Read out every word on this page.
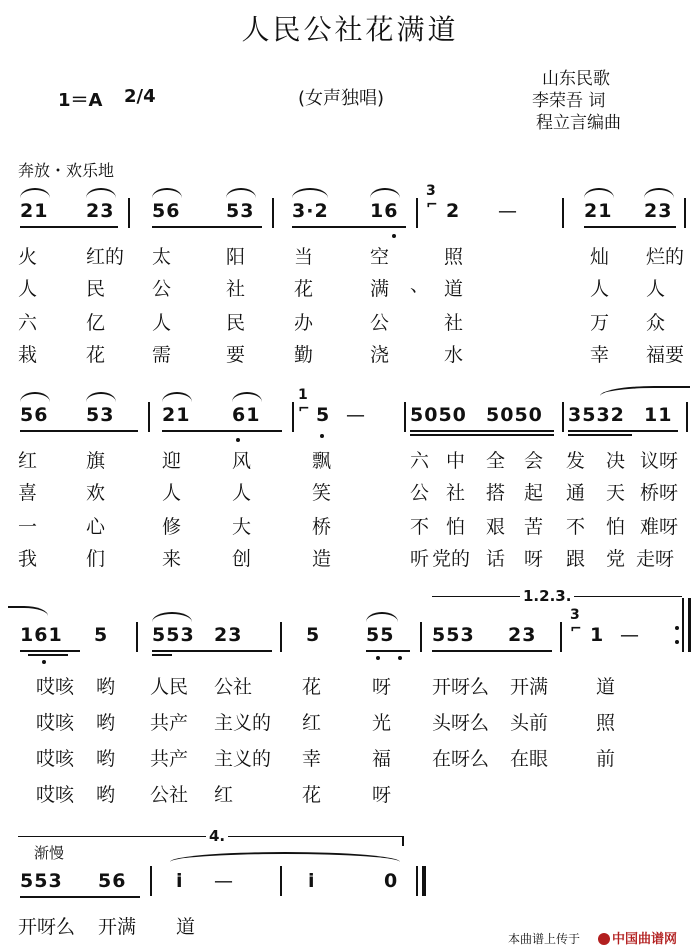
人民公社花满道
1＝A 2/4	(女声独唱)
山东民歌
李荣吾 词
程立言编曲
奔放・欢乐地
21 23 56 53 3·2 16
3
⌐ 2 —	21 23
火	红的 太	阳	当	空	照	灿 烂的
人	民 公	社	花	满 、 道	人 人
六	亿 人	民	办	公	社	万 众
栽	花 需	要	勤	浇	水	幸 福要
56 53	21 61
1
⌐ 5 — 5050 5050 3532 11
红	旗	迎	风	飘	六 中 全 会 发 决 议呀
喜	欢	人	人	笑	公 社 搭 起 通 天 桥呀
一	心	修	大	桥	不 怕 艰 苦 不 怕 难呀
我	们	来	创	造	听 党的 话 呀 跟 党 走呀
1.2.3.
161 5 553 23	5 55 553 23
3
⌐ 1 —
哎咳 哟 人民 公社	花	呀 开呀么 开满	道
哎咳 哟 共产 主义的 红	光 头呀么 头前	照
哎咳 哟 共产 主义的 幸	福 在呀么 在眼	前
哎咳 哟 公社 红	花	呀
4.
渐慢
553 56	i —	i	0
开呀么 开满 道
本曲谱上传于	中国曲谱网
